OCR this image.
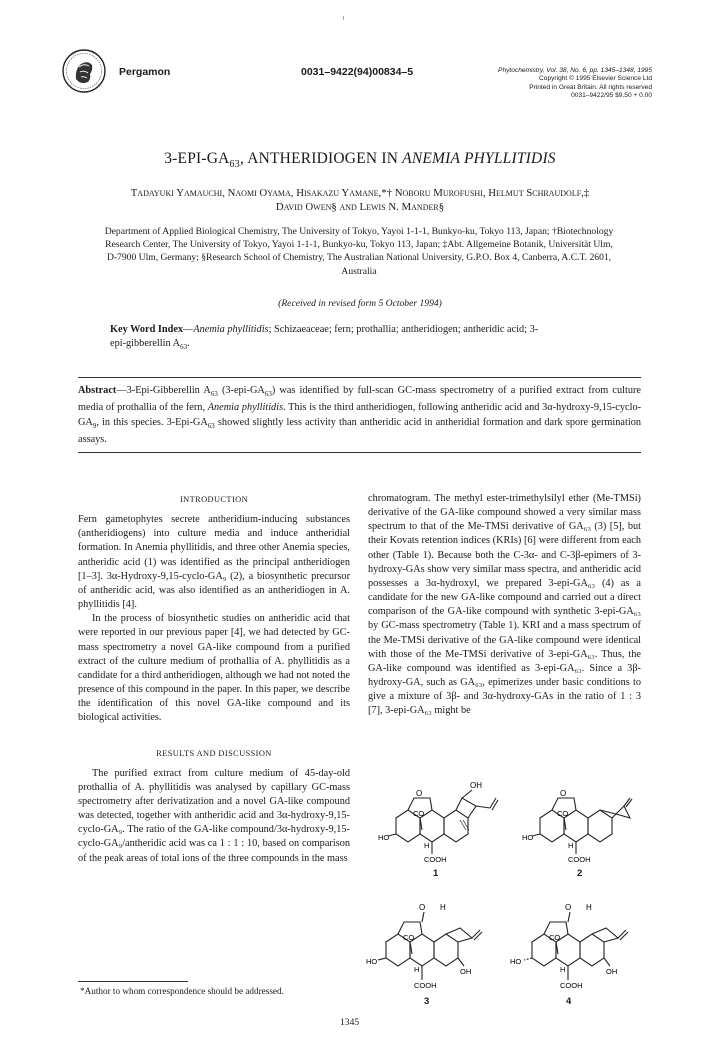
Pergamon	0031–9422(94)00834–5	Phytochemistry, Vol. 38, No. 6, pp. 1345–1348, 1995
Copyright © 1995 Elsevier Science Ltd
Printed in Great Britain. All rights reserved
0031–9422/95 $9.50 + 0.00
$3-EPI-GA_{63}$, ANTHERIDIOGEN IN ANEMIA PHYLLITIDIS
Tadayuki Yamauchi, Naomi Oyama, Hisakazu Yamane,*† Noboru Murofushi, Helmut Schraudolf,‡
David Owen§ and Lewis N. Mander§
Department of Applied Biological Chemistry, The University of Tokyo, Yayoi 1-1-1, Bunkyo-ku, Tokyo 113, Japan; †Biotechnology
Research Center, The University of Tokyo, Yayoi 1-1-1, Bunkyo-ku, Tokyo 113, Japan; ‡Abt. Allgemeine Botanik, Universität Ulm,
D-7900 Ulm, Germany; §Research School of Chemistry, The Australian National University, G.P.O. Box 4, Canberra, A.C.T. 2601,
Australia
(Received in revised form 5 October 1994)
Key Word Index—Anemia phyllitidis; Schizaeaceae; fern; prothallia; antheridiogen; antheridic acid; 3-
epi-gibberellin $A_{63}$.
Abstract—3-Epi-Gibberellin $A_{63}$ $(3-epi-GA_{63})$ was identified by full-scan GC-mass spectrometry of a purified extract from culture media of prothallia of the fern, Anemia phyllitidis. This is the third antheridiogen, following antheridic acid and $3\alpha-hydroxy-9,15-cyclo-GA_9$, in this species. $3-Epi-GA_{63}$ showed slightly less activity than antheridic acid in antheridial formation and dark spore germination assays.
INTRODUCTION
Fern gametophytes secrete antheridium-inducing substances (antheridiogens) into culture media and induce antheridial formation. In Anemia phyllitidis, and three other Anemia species, antheridic acid (1) was identified as the principal antheridiogen [1–3]. 3α-Hydroxy-9,15-cyclo-GA₉ (2), a biosynthetic precursor of antheridic acid, was also identified as an antheridiogen in A. phyllitidis [4].
In the process of biosynthetic studies on antheridic acid that were reported in our previous paper [4], we had detected by GC-mass spectrometry a novel GA-like compound from a purified extract of the culture medium of prothallia of A. phyllitidis as a candidate for a third antheridiogen, although we had not noted the presence of this compound in the paper. In this paper, we describe the identification of this novel GA-like compound and its biological activities.
RESULTS AND DISCUSSION
The purified extract from culture medium of 45-day-old prothallia of A. phyllitidis was analysed by capillary GC-mass spectrometry after derivatization and a novel GA-like compound was detected, together with antheridic acid and 3α-hydroxy-9,15-cyclo-GA₉. The ratio of the GA-like compound/3α-hydroxy-9,15-cyclo-GA₉/antheridic acid was ca 1 : 1 : 10, based on comparison of the peak areas of total ions of the three compounds in the mass
chromatogram. The methyl ester-trimethylsilyl ether (Me-TMSi) derivative of the GA-like compound showed a very similar mass spectrum to that of the Me-TMSi derivative of GA₆₃ (3) [5], but their Kovats retention indices (KRIs) [6] were different from each other (Table 1). Because both the C-3α- and C-3β-epimers of 3-hydroxy-GAs show very similar mass spectra, and antheridic acid possesses a 3α-hydroxyl, we prepared 3-epi-GA₆₃ (4) as a candidate for the new GA-like compound and carried out a direct comparison of the GA-like compound with synthetic 3-epi-GA₆₃ by GC-mass spectrometry (Table 1). KRI and a mass spectrum of the Me-TMSi derivative of the GA-like compound were identical with those of the Me-TMSi derivative of 3-epi-GA₆₃. Thus, the GA-like compound was identified as 3-epi-GA₆₃. Since a 3β-hydroxy-GA, such as GA₆₃, epimerizes under basic conditions to give a mixture of 3β- and 3α-hydroxy-GAs in the ratio of 1 : 3 [7], 3-epi-GA₆₃ might be
OH
O
CO
HO
H
COOH
1
O
CO
HO
H
COOH
2
O H
CO
HO
H	OH
COOH
3
O H
CO
HO
H	OH
COOH
4
*Author to whom correspondence should be addressed.
1345
